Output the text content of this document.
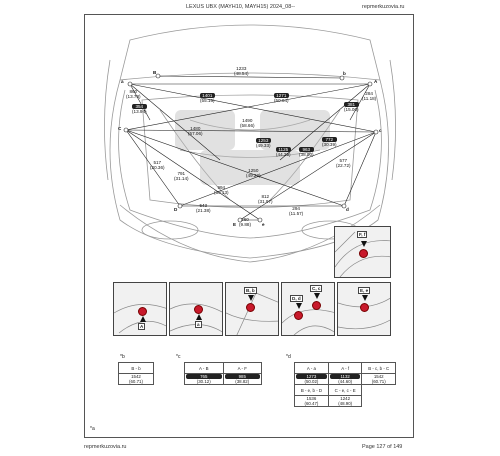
LEXUS UBX (MAYH10, MAYH15) 2024_08--	repmerkuzovia.ru
B	b
a	A
C	c
D	d
E	e
1233
(48.54)
860
(13.78)	1401
(55.16)
1271
(50.04)
284
(11.18)
354
(13.94)
381
(15.00)
1490
(58.66)
1480
(57.06)
1253
(49.33)
1125
(44.29)
963
(38.00)
772
(30.39)
517
(20.36)
791
(31.14)
1250
(49.22)
577
(22.72)
994
(39.13)
812
(31.97)
543
(21.38)	294
(11.57)
260
(9.88)
F, f
A	a
B, b
D, d
C, c	E, e
*b
B - b

1542
(60.71)
*c
A - B	A - F

765
(30.12)	985
(38.82)
*d
A - a	A - f	B - c, b - C

1273
(50.02)	1132
(44.60)	1542
(60.71)

B - e, b - D	C - e, c - E	

1536
(60.47)	1242
(48.90)	

*a
repmerkuzovia.ru	Page 127 of 149
